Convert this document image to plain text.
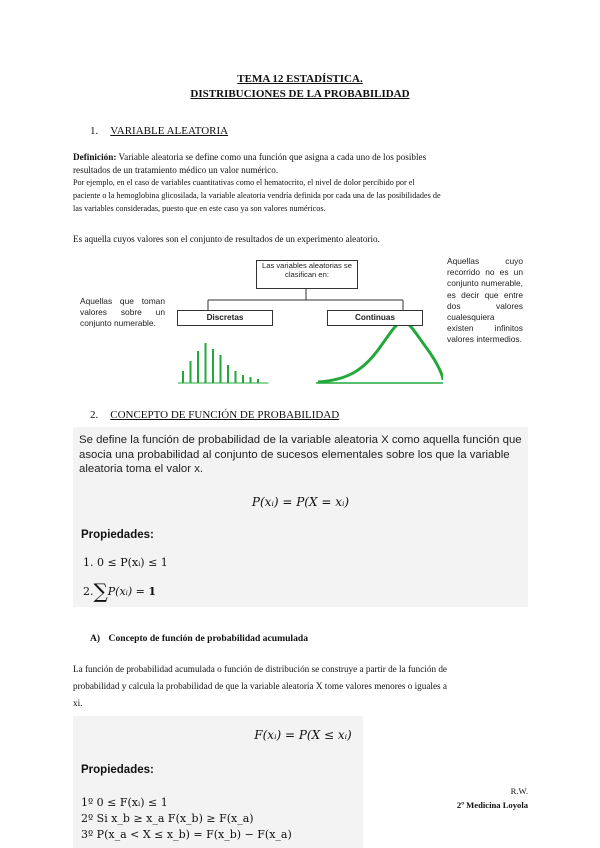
TEMA 12 ESTADÍSTICA.
DISTRIBUCIONES DE LA PROBABILIDAD
1. VARIABLE ALEATORIA
Definición: Variable aleatoria se define como una función que asigna a cada uno de los posibles
resultados de un tratamiento médico un valor numérico.
Por ejemplo, en el caso de variables cuantitativas como el hematocrito, el nivel de dolor percibido por el
paciente o la hemoglobina glicosilada, la variable aleatoria vendría definida por cada una de las posibilidades de
las variables consideradas, puesto que en este caso ya son valores numéricos.
Es aquella cuyos valores son el conjunto de resultados de un experimento aleatorio.
Las variables aleatorias se clasifican en:
Discretas	Continuas
Aquellas que toman valores sobre un conjunto numerable.
Aquellas cuyo recorrido no es un conjunto numerable, es decir que entre dos valores cualesquiera existen infinitos valores intermedios.
2. CONCEPTO DE FUNCIÓN DE PROBABILIDAD
Se define la función de probabilidad de la variable aleatoria X como aquella función que asocia una probabilidad al conjunto de sucesos elementales sobre los que la variable aleatoria toma el valor x.
P(xᵢ) = P(X = xᵢ)
Propiedades:
1. 0 ≤ P(xᵢ) ≤ 1
2.∑P(xᵢ) = 1
A) Concepto de función de probabilidad acumulada
La función de probabilidad acumulada o función de distribución se construye a partir de la función de
probabilidad y calcula la probabilidad de que la variable aleatoria X tome valores menores o iguales a
xi.
F(xᵢ) = P(X ≤ xᵢ)
Propiedades:
1º 0 ≤ F(xᵢ) ≤ 1
2º Si x_b ≥ x_a F(x_b) ≥ F(x_a)
3º P(x_a < X ≤ x_b) = F(x_b) − F(x_a)
R.W.
2º Medicina Loyola
